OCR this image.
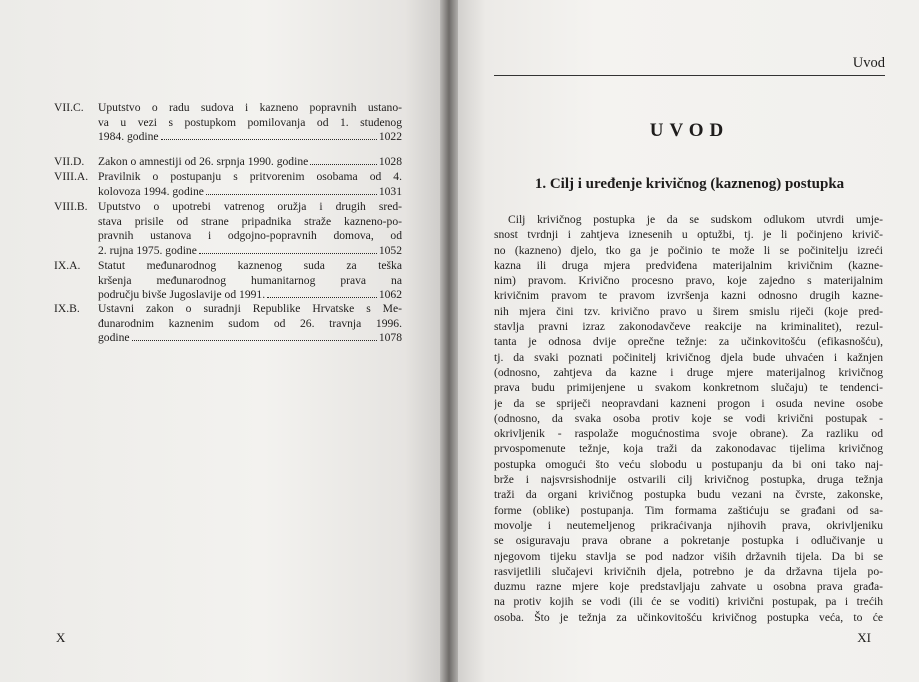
VII.C.	Uputstvo o radu sudova i kazneno popravnih ustano-
va u vezi s postupkom pomilovanja od 1. studenog
1984. godine	1022
VII.D.	Zakon o amnestiji od 26. srpnja 1990. godine	1028
VIII.A. Pravilnik o postupanju s pritvorenim osobama od 4.
kolovoza 1994. godine	1031
VIII.B. Uputstvo o upotrebi vatrenog oružja i drugih sred-
stava prisile od strane pripadnika straže kazneno-po-
pravnih ustanova i odgojno-popravnih domova, od
2. rujna 1975. godine	1052
IX.A.	Statut međunarodnog kaznenog suda za teška
kršenja međunarodnog humanitarnog prava na
području bivše Jugoslavije od 1991.	1062
IX.B.	Ustavni zakon o suradnji Republike Hrvatske s Me-
đunarodnim kaznenim sudom od 26. travnja 1996.
godine	1078
X
Uvod
UVOD
1. Cilj i uređenje krivičnog (kaznenog) postupka
Cilj krivičnog postupka je da se sudskom odlukom utvrdi umje-
snost tvrdnji i zahtjeva iznesenih u optužbi, tj. je li počinjeno krivič-
no (kazneno) djelo, tko ga je počinio te može li se počinitelju izreći
kazna ili druga mjera predviđena materijalnim krivičnim (kazne-
nim) pravom. Krivično procesno pravo, koje zajedno s materijalnim
krivičnim pravom te pravom izvršenja kazni odnosno drugih kazne-
nih mjera čini tzv. krivično pravo u širem smislu riječi (koje pred-
stavlja pravni izraz zakonodavčeve reakcije na kriminalitet), rezul-
tanta je odnosa dvije oprečne težnje: za učinkovitošću (efikasnošću),
tj. da svaki poznati počinitelj krivičnog djela bude uhvaćen i kažnjen
(odnosno, zahtjeva da kazne i druge mjere materijalnog krivičnog
prava budu primijenjene u svakom konkretnom slučaju) te tendenci-
je da se spriječi neopravdani kazneni progon i osuda nevine osobe
(odnosno, da svaka osoba protiv koje se vodi krivični postupak -
okrivljenik - raspolaže mogućnostima svoje obrane). Za razliku od
prvospomenute težnje, koja traži da zakonodavac tijelima krivičnog
postupka omogući što veću slobodu u postupanju da bi oni tako naj-
brže i najsvrsishodnije ostvarili cilj krivičnog postupka, druga težnja
traži da organi krivičnog postupka budu vezani na čvrste, zakonske,
forme (oblike) postupanja. Tim formama zaštićuju se građani od sa-
movolje i neutemeljenog prikraćivanja njihovih prava, okrivljeniku
se osiguravaju prava obrane a pokretanje postupka i odlučivanje u
njegovom tijeku stavlja se pod nadzor viših državnih tijela. Da bi se
rasvijetlili slučajevi krivičnih djela, potrebno je da državna tijela po-
duzmu razne mjere koje predstavljaju zahvate u osobna prava građa-
na protiv kojih se vodi (ili će se voditi) krivični postupak, pa i trećih
osoba. Što je težnja za učinkovitošću krivičnog postupka veća, to će
XI
